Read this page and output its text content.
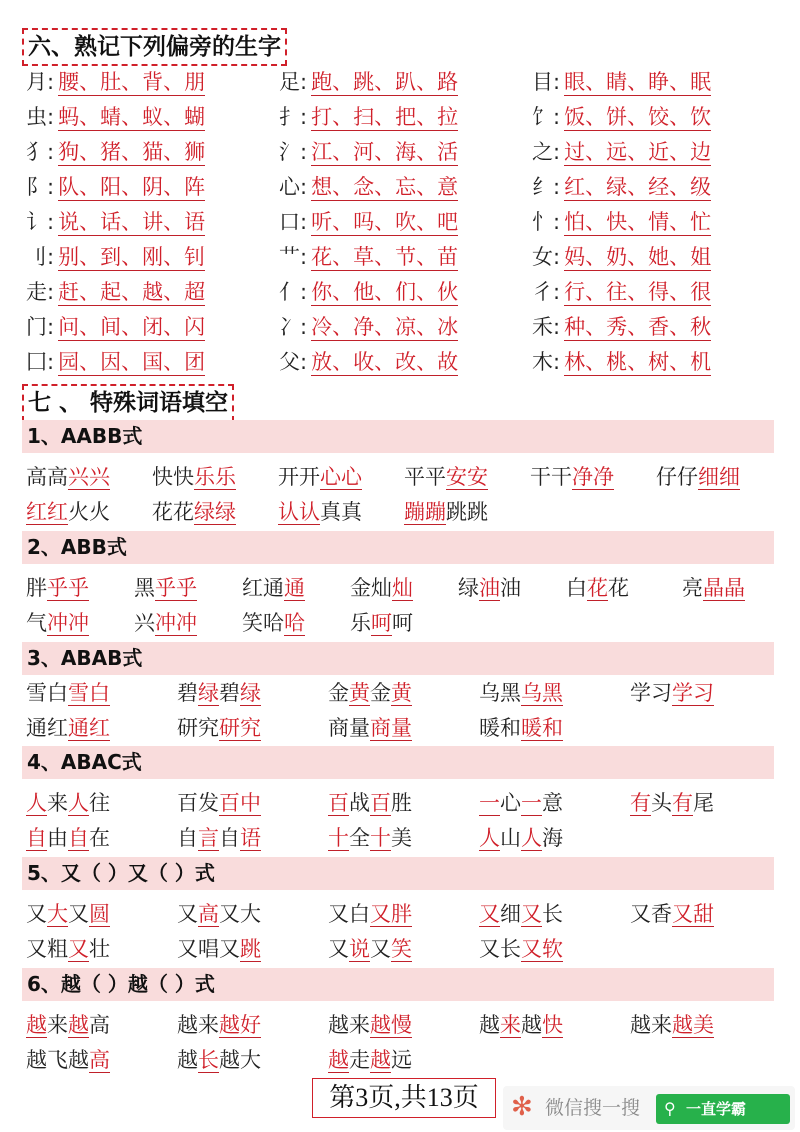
六、熟记下列偏旁的生字
月: 腰、肚、背、朋	足: 跑、跳、趴、路	目: 眼、睛、睁、眠
虫: 蚂、蜻、蚁、蝴	扌: 打、扫、把、拉	饣: 饭、饼、饺、饮
犭: 狗、猪、猫、狮	氵: 江、河、海、活	之: 过、远、近、边
阝: 队、阳、阴、阵	心: 想、念、忘、意	纟: 红、绿、经、级
讠: 说、话、讲、语	口: 听、吗、吹、吧	忄: 怕、快、情、忙
刂: 别、到、刚、钊	艹: 花、草、节、苗	女: 妈、奶、她、姐
走: 赶、起、越、超	亻: 你、他、们、伙	彳: 行、往、得、很
门: 问、间、闭、闪	冫: 冷、净、凉、冰	禾: 种、秀、香、秋
囗: 园、因、国、团	父: 放、收、改、故	木: 林、桃、树、机
七 、 特殊词语填空
1、AABB式
2、ABB式
3、ABAB式
4、ABAC式
5、又（ ）又（ ）式
6、越（ ）越（ ）式
高高兴兴 快快乐乐 开开心心 平平安安 干干净净 仔仔细细
红红火火 花花绿绿 认认真真 蹦蹦跳跳
胖乎乎 黑乎乎 红通通 金灿灿 绿油油 白花花	亮晶晶
气冲冲 兴冲冲 笑哈哈 乐呵呵
雪白雪白	碧绿碧绿	金黄金黄	乌黑乌黑	学习学习
通红通红	研究研究	商量商量	暖和暖和
人来人往	百发百中	百战百胜	一心一意	有头有尾
自由自在	自言自语	十全十美	人山人海
又大又圆	又高又大	又白又胖	又细又长	又香又甜
又粗又壮	又唱又跳	又说又笑	又长又软
越来越高	越来越好	越来越慢	越来越快	越来越美
越飞越高	越长越大	越走越远
第3页,共13页	✻ 微信搜一搜 ⚲ 一直学霸
